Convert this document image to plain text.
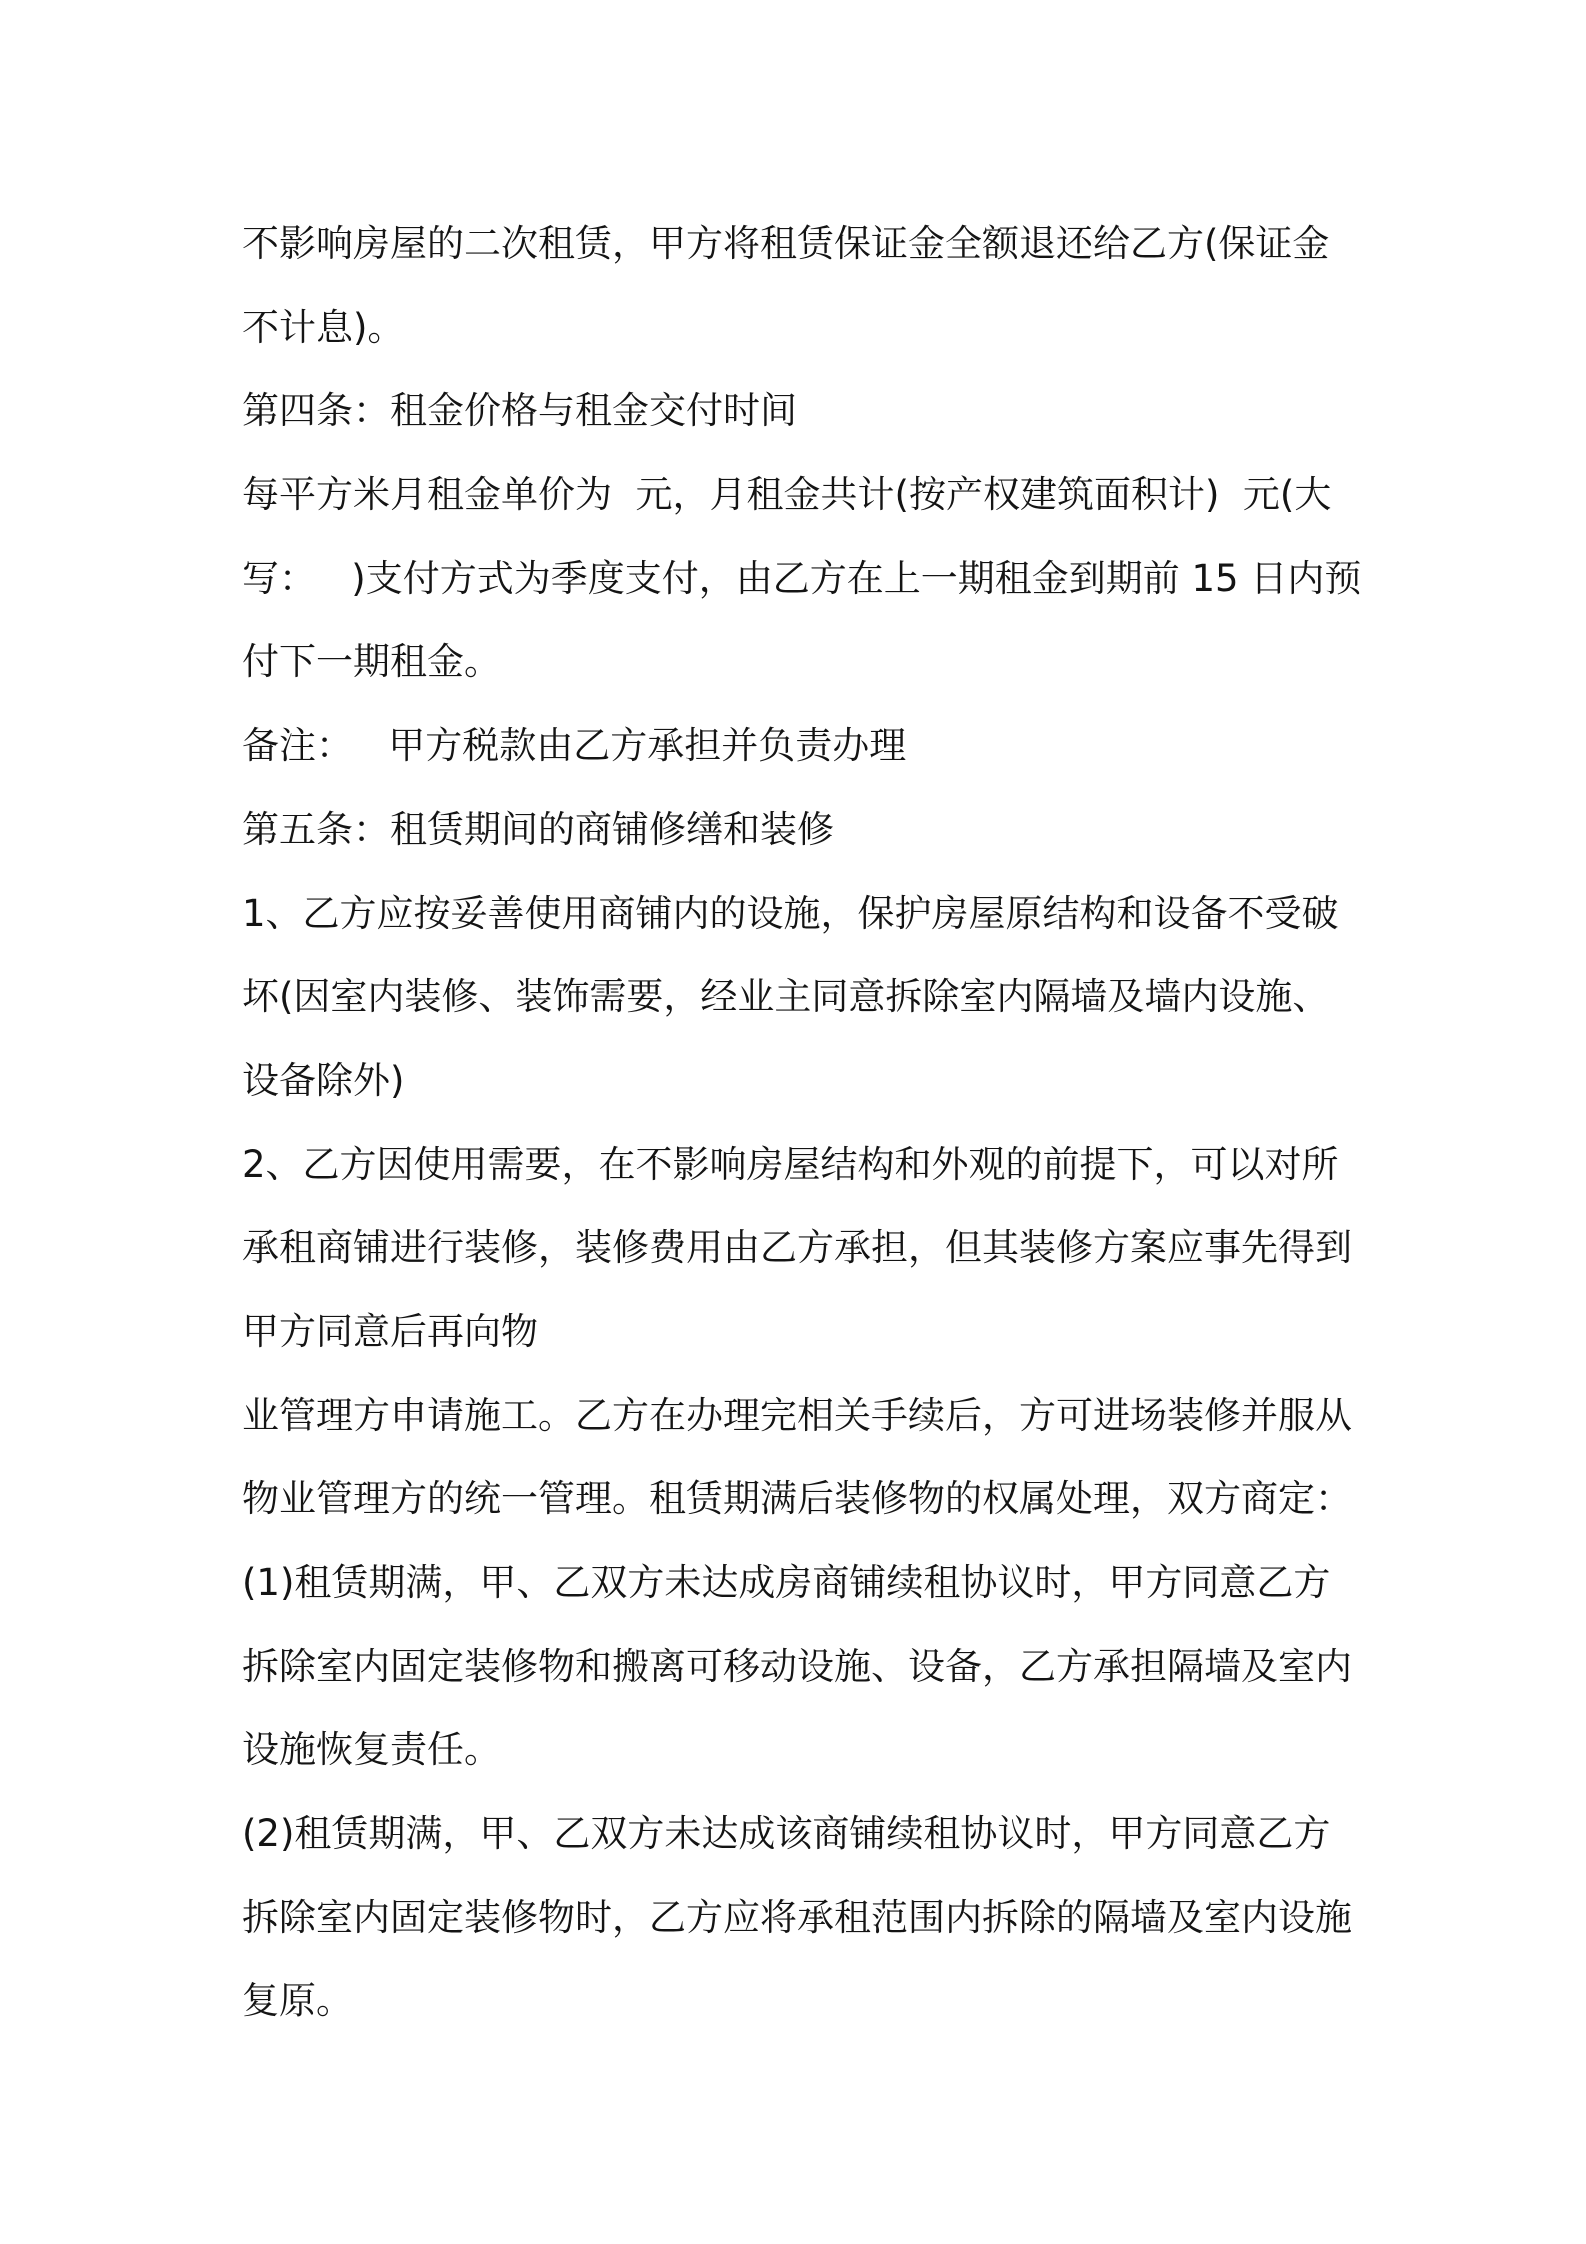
不影响房屋的二次租赁，甲方将租赁保证金全额退还给乙方(保证金
不计息)。
第四条：租金价格与租金交付时间
每平方米月租金单价为  元，月租金共计(按产权建筑面积计)  元(大
写：   )支付方式为季度支付，由乙方在上一期租金到期前 15 日内预
付下一期租金。
备注：   甲方税款由乙方承担并负责办理
第五条：租赁期间的商铺修缮和装修
1、乙方应按妥善使用商铺内的设施，保护房屋原结构和设备不受破
坏(因室内装修、装饰需要，经业主同意拆除室内隔墙及墙内设施、
设备除外)
2、乙方因使用需要，在不影响房屋结构和外观的前提下，可以对所
承租商铺进行装修，装修费用由乙方承担，但其装修方案应事先得到
甲方同意后再向物
业管理方申请施工。乙方在办理完相关手续后，方可进场装修并服从
物业管理方的统一管理。租赁期满后装修物的权属处理，双方商定：
(1)租赁期满，甲、乙双方未达成房商铺续租协议时，甲方同意乙方
拆除室内固定装修物和搬离可移动设施、设备，乙方承担隔墙及室内
设施恢复责任。
(2)租赁期满，甲、乙双方未达成该商铺续租协议时，甲方同意乙方
拆除室内固定装修物时，乙方应将承租范围内拆除的隔墙及室内设施
复原。
